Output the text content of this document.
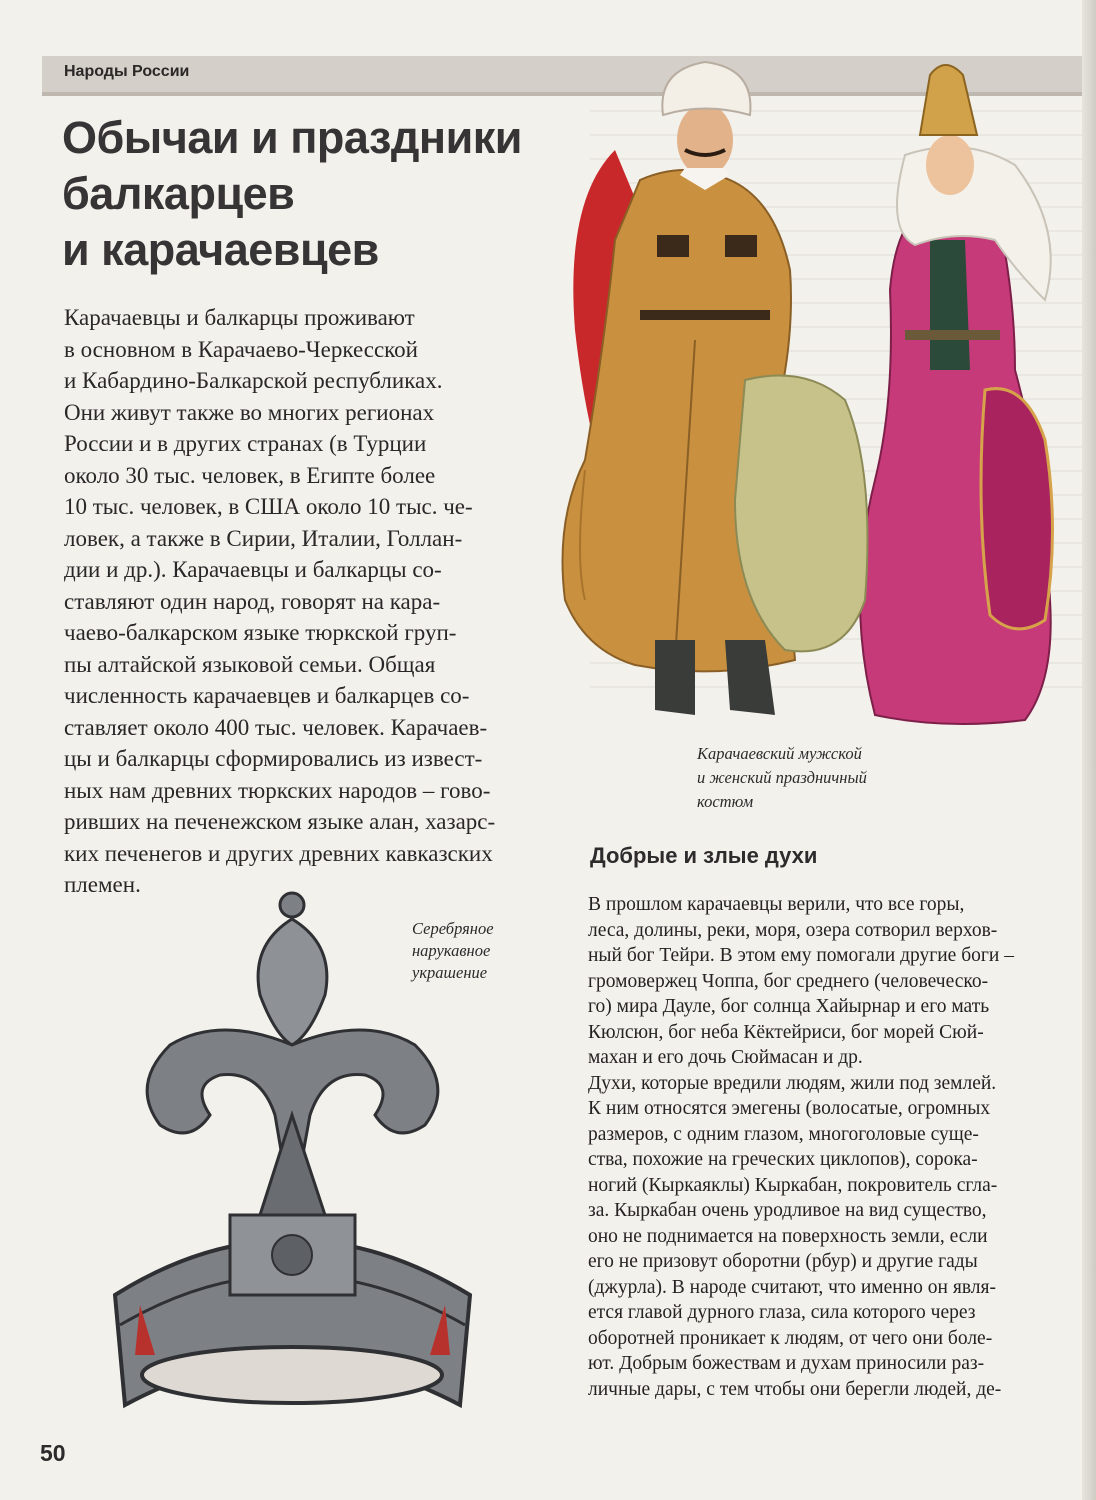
Народы России
Обычаи и праздники
балкарцев
и карачаевцев
Карачаевцы и балкарцы проживают
в основном в Карачаево-Черкесской
и Кабардино-Балкарской республиках.
Они живут также во многих регионах
России и в других странах (в Турции
около 30 тыс. человек, в Египте более
10 тыс. человек, в США около 10 тыс. че-
ловек, а также в Сирии, Италии, Голлан-
дии и др.). Карачаевцы и балкарцы со-
ставляют один народ, говорят на кара-
чаево-балкарском языке тюркской груп-
пы алтайской языковой семьи. Общая
численность карачаевцев и балкарцев со-
ставляет около 400 тыс. человек. Карачаев-
цы и балкарцы сформировались из извест-
ных нам древних тюркских народов – гово-
ривших на печенежском языке алан, хазарс-
ких печенегов и других древних кавказских
племен.
Карачаевский мужской
и женский праздничный
костюм
Добрые и злые духи
В прошлом карачаевцы верили, что все горы,
леса, долины, реки, моря, озера сотворил верхов-
ный бог Тейри. В этом ему помогали другие боги –
громовержец Чоппа, бог среднего (человеческо-
го) мира Дауле, бог солнца Хайырнар и его мать
Кюлсюн, бог неба Кёктейриси, бог морей Сюй-
махан и его дочь Сюймасан и др.
Духи, которые вредили людям, жили под землей.
К ним относятся эмегены (волосатые, огромных
размеров, с одним глазом, многоголовые суще-
ства, похожие на греческих циклопов), сорока-
ногий (Кыркаяклы) Кыркабан, покровитель сгла-
за. Кыркабан очень уродливое на вид существо,
оно не поднимается на поверхность земли, если
его не призовут оборотни (рбур) и другие гады
(джурла). В народе считают, что именно он явля-
ется главой дурного глаза, сила которого через
оборотней проникает к людям, от чего они боле-
ют. Добрым божествам и духам приносили раз-
личные дары, с тем чтобы они берегли людей, де-
Серебряное
нарукавное
украшение
50
